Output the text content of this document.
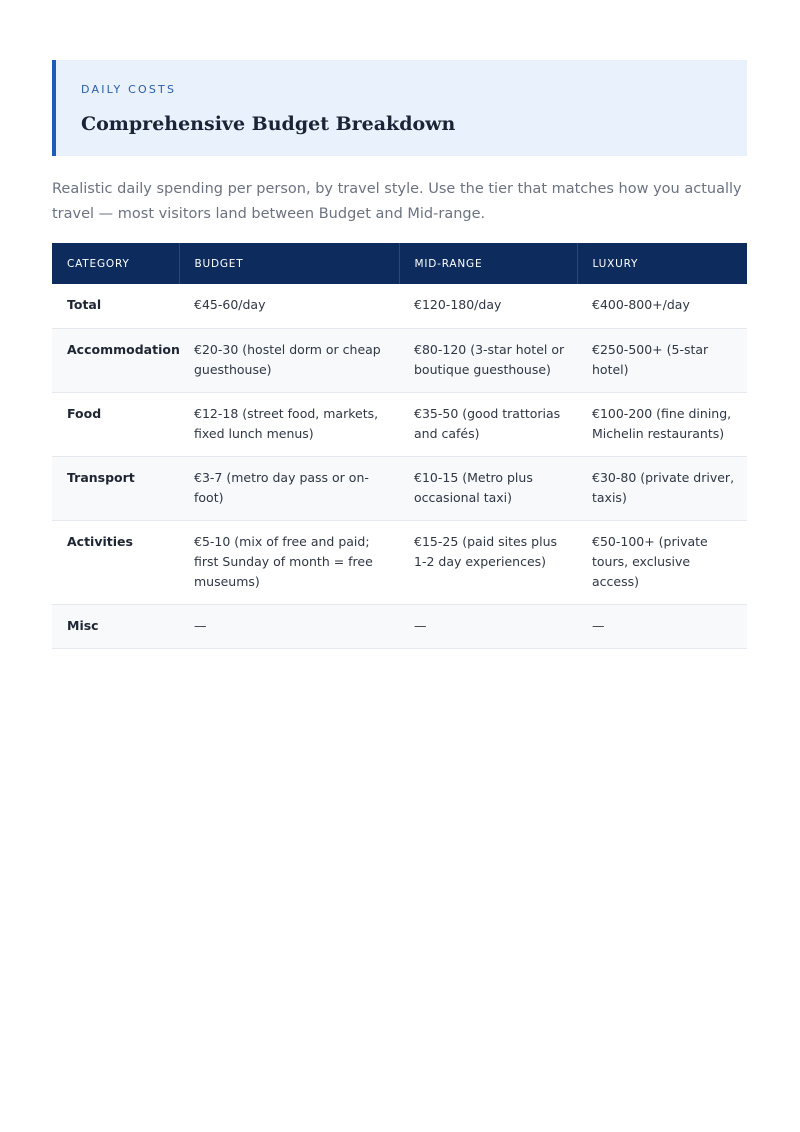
DAILY COSTS

Comprehensive Budget Breakdown

Realistic daily spending per person, by travel style. Use the tier that matches how you actually travel — most visitors land between Budget and Mid-range.

CATEGORY	BUDGET	MID-RANGE	LUXURY
Total	€45-60/day	€120-180/day	€400-800+/day
Accommodation	€20-30 (hostel dorm or cheap guesthouse)	€80-120 (3-star hotel or boutique guesthouse)	€250-500+ (5-star hotel)
Food	€12-18 (street food, markets, fixed lunch menus)	€35-50 (good trattorias and cafés)	€100-200 (fine dining, Michelin restaurants)
Transport	€3-7 (metro day pass or on-foot)	€10-15 (Metro plus occasional taxi)	€30-80 (private driver, taxis)
Activities	€5-10 (mix of free and paid; first Sunday of month = free museums)	€15-25 (paid sites plus 1-2 day experiences)	€50-100+ (private tours, exclusive access)
Misc	—	—	—
